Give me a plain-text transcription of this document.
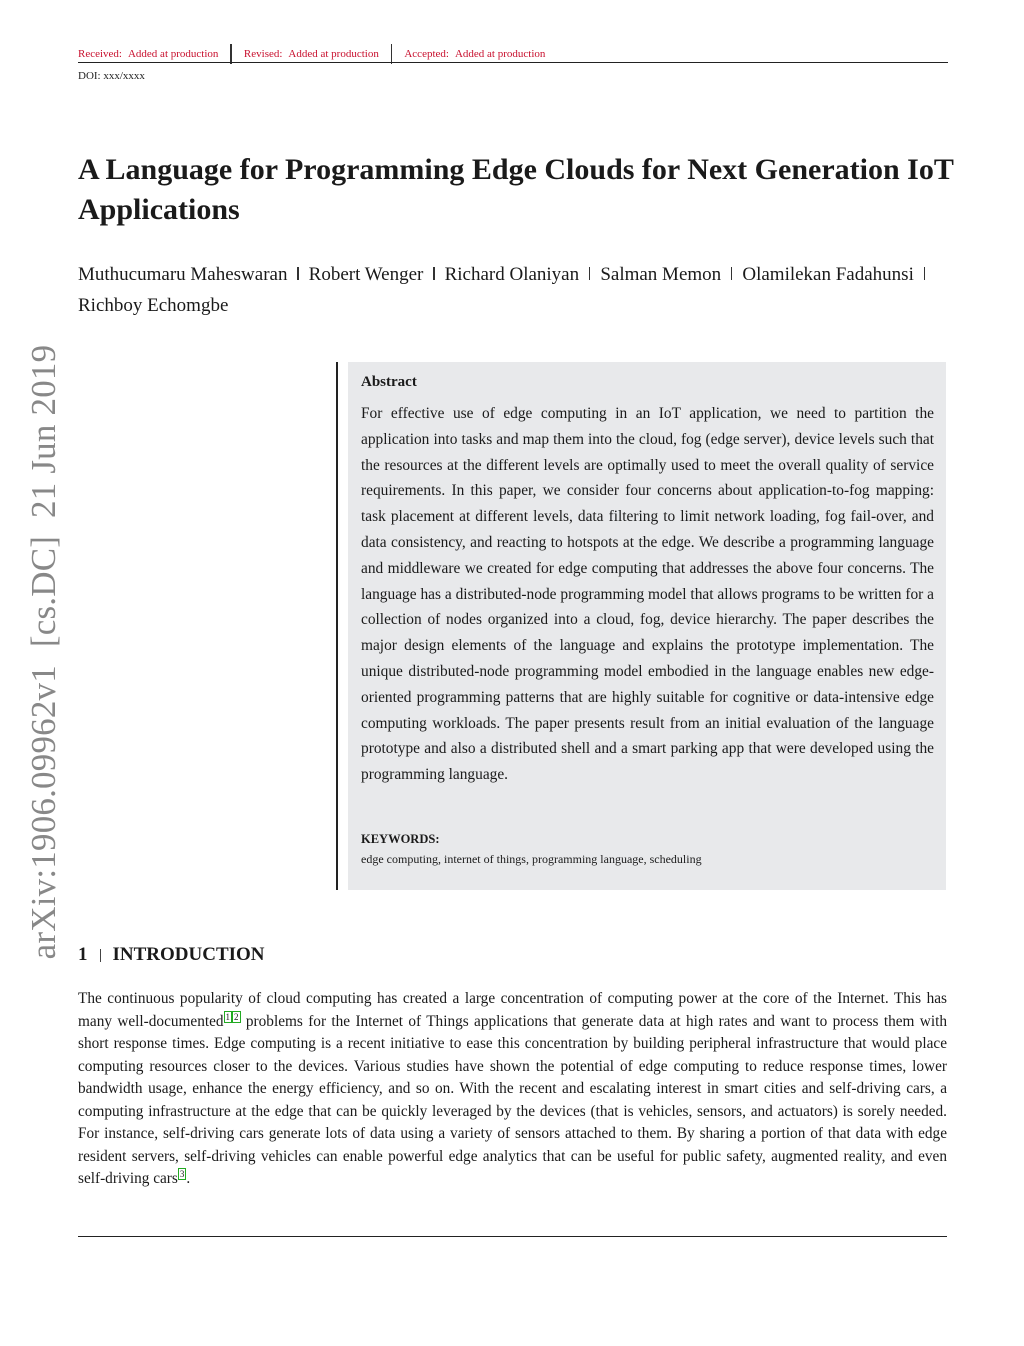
Received: Added at production Revised: Added at production Accepted: Added at production
DOI: xxx/xxxx
A Language for Programming Edge Clouds for Next Generation IoT Applications
Muthucumaru Maheswaran Robert Wenger Richard Olaniyan Salman Memon Olamilekan FadahunsiRichboy Echomgbe
arXiv:1906.09962v1  [cs.DC]  21 Jun 2019	Abstract
For effective use of edge computing in an IoT application, we need to partition the application into tasks and map them into the cloud, fog (edge server), device levels such that the resources at the different levels are optimally used to meet the overall quality of service requirements. In this paper, we consider four concerns about application-to-fog mapping: task placement at different levels, data filtering to limit network loading, fog fail-over, and data consistency, and reacting to hotspots at the edge. We describe a programming language and middleware we created for edge computing that addresses the above four concerns. The language has a distributed-node programming model that allows programs to be written for a collection of nodes organized into a cloud, fog, device hierarchy. The paper describes the major design elements of the language and explains the prototype implementation. The unique distributed-node programming model embodied in the language enables new edge-oriented programming patterns that are highly suitable for cognitive or data-intensive edge computing workloads. The paper presents result from an initial evaluation of the language prototype and also a distributed shell and a smart parking app that were developed using the programming language.
KEYWORDS:
edge computing, internet of things, programming language, scheduling
1 INTRODUCTION
The continuous popularity of cloud computing has created a large concentration of computing power at the core of the Internet. This has many well-documented $^1$ $^2$ problems for the Internet of Things applications that generate data at high rates and want to process them with short response times. Edge computing is a recent initiative to ease this concentration by building peripheral infrastructure that would place computing resources closer to the devices. Various studies have shown the potential of edge computing to reduce response times, lower bandwidth usage, enhance the energy efficiency, and so on. With the recent and escalating interest in smart cities and self-driving cars, a computing infrastructure at the edge that can be quickly leveraged by the devices (that is vehicles, sensors, and actuators) is sorely needed. For instance, self-driving cars generate lots of data using a variety of sensors attached to them. By sharing a portion of that data with edge resident servers, self-driving vehicles can enable powerful edge analytics that can be useful for public safety, augmented reality, and even self-driving cars $^3$ .
